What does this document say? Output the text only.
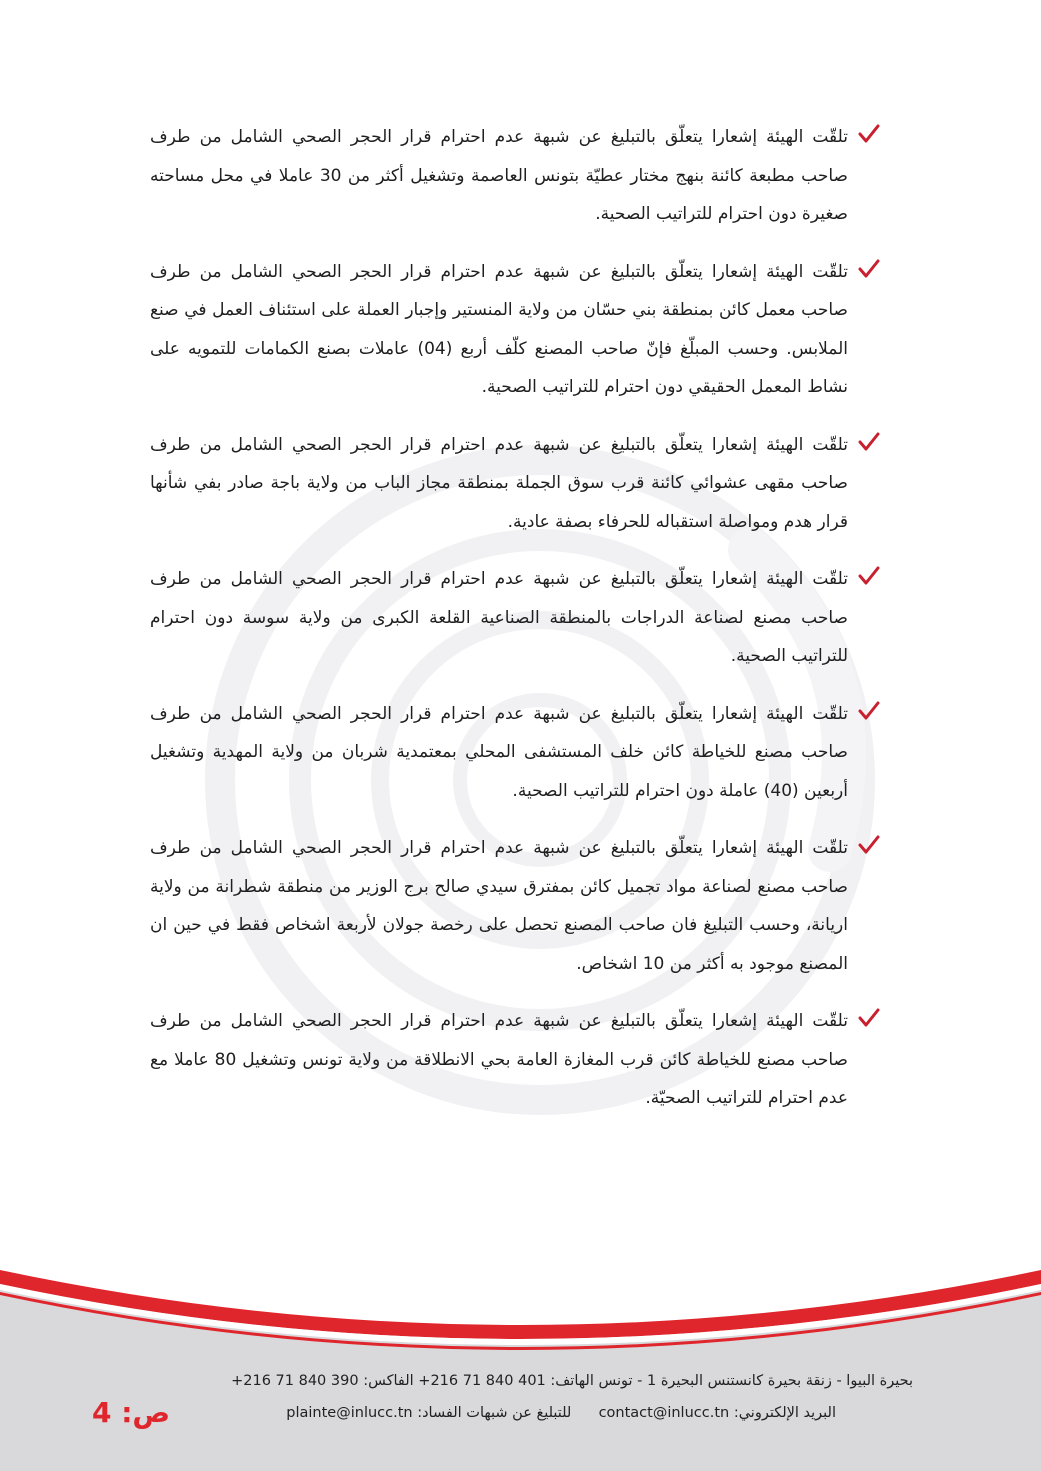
تلقّت الهيئة إشعارا يتعلّق بالتبليغ عن شبهة عدم احترام قرار الحجر الصحي الشامل من طرف صاحب مطبعة كائنة بنهج مختار عطيّة بتونس العاصمة وتشغيل أكثر من 30 عاملا في محل مساحته صغيرة دون احترام للتراتيب الصحية.

تلقّت الهيئة إشعارا يتعلّق بالتبليغ عن شبهة عدم احترام قرار الحجر الصحي الشامل من طرف صاحب معمل كائن بمنطقة بني حسّان من ولاية المنستير وإجبار العملة على استئناف العمل في صنع الملابس. وحسب المبلّغ فإنّ صاحب المصنع كلّف أربع (04) عاملات بصنع الكمامات للتمويه على نشاط المعمل الحقيقي دون احترام للتراتيب الصحية.

تلقّت الهيئة إشعارا يتعلّق بالتبليغ عن شبهة عدم احترام قرار الحجر الصحي الشامل من طرف صاحب مقهى عشوائي كائنة قرب سوق الجملة بمنطقة مجاز الباب من ولاية باجة صادر بفي شأنها قرار هدم ومواصلة استقباله للحرفاء بصفة عادية.

تلقّت الهيئة إشعارا يتعلّق بالتبليغ عن شبهة عدم احترام قرار الحجر الصحي الشامل من طرف صاحب مصنع لصناعة الدراجات بالمنطقة الصناعية القلعة الكبرى من ولاية سوسة دون احترام للتراتيب الصحية.

تلقّت الهيئة إشعارا يتعلّق بالتبليغ عن شبهة عدم احترام قرار الحجر الصحي الشامل من طرف صاحب مصنع للخياطة كائن خلف المستشفى المحلي بمعتمدية شربان من ولاية المهدية وتشغيل أربعين (40) عاملة دون احترام للتراتيب الصحية.

تلقّت الهيئة إشعارا يتعلّق بالتبليغ عن شبهة عدم احترام قرار الحجر الصحي الشامل من طرف صاحب مصنع لصناعة مواد تجميل كائن بمفترق سيدي صالح برج الوزير من منطقة شطرانة من ولاية اريانة، وحسب التبليغ فان صاحب المصنع تحصل على رخصة جولان لأربعة اشخاص فقط في حين ان المصنع موجود به أكثر من 10 اشخاص.

تلقّت الهيئة إشعارا يتعلّق بالتبليغ عن شبهة عدم احترام قرار الحجر الصحي الشامل من طرف صاحب مصنع للخياطة كائن قرب المغازة العامة بحي الانطلاقة من ولاية تونس وتشغيل 80 عاملا مع عدم احترام للتراتيب الصحيّة.

بحيرة البيوا - زنقة بحيرة كانستنس البحيرة 1 - تونس الهاتف: 401 840 71 216+ الفاكس: 390 840 71 216+
البريد الإلكتروني: contact@inlucc.tn  للتبليغ عن شبهات الفساد: plainte@inlucc.tn
ص: 4
